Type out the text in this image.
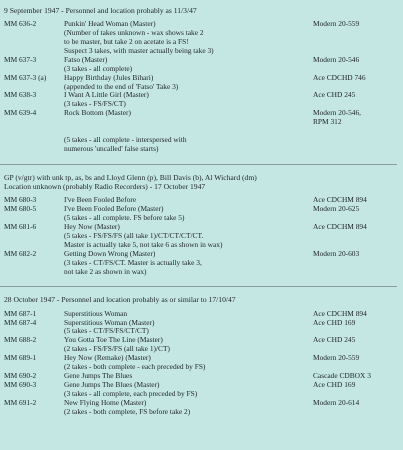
9 September 1947 - Personnel and location probably as 11/3/47
MM 636-2	Punkin' Head Woman (Master)	Modern 20-559
(Number of takes unknown - wax shows take 2
to be master, but take 2 on acetate is a FS!
Suspect 3 takes, with master actually being take 3)
MM 637-3	Fatso (Master)	Modern 20-546
(3 takes - all complete)
MM 637-3 (a)	Happy Birthday (Jules Bihari)	Ace CDCHD 746
(appended to the end of 'Fatso' Take 3)
MM 638-3	I Want A Little Girl (Master)	Ace CHD 245
(3 takes - FS/FS/CT)
MM 639-4	Rock Bottom (Master)	Modern 20-546,
RPM 312
(5 takes - all complete - interspersed with
numerous 'uncalled' false starts)
GP (v/gtr) with unk tp, as, bs and Lloyd Glenn (p), Bill Davis (b), Al Wichard (dm)
Location unknown (probably Radio Recorders) - 17 October 1947
MM 680-3	I've Been Fooled Before	Ace CDCHM 894
MM 680-5	I've Been Fooled Before (Master)	Modern 20-625
(5 takes - all complete. FS before take 5)
MM 681-6	Hey Now (Master)	Ace CDCHM 894
(5 takes - FS/FS/FS (all take 1)/CT/CT/CT/CT.
Master is actually take 5, not take 6 as shown in wax)
MM 682-2	Getting Down Wrong (Master)	Modern 20-603
(3 takes - CT/FS/CT. Master is actually take 3,
not take 2 as shown in wax)
28 October 1947 - Personnel and location probably as or similar to 17/10/47
MM 687-1	Superstitious Woman	Ace CDCHM 894
MM 687-4	Superstitious Woman (Master)	Ace CHD 169
(5 takes - CT/FS/FS/CT/CT)
MM 688-2	You Gotta Toe The Line (Master)	Ace CHD 245
(2 takes - FS/FS/FS (all take 1)/CT)
MM 689-1	Hey Now (Remake) (Master)	Modern 20-559
(2 takes - both complete - each preceded by FS)
MM 690-2	Gene Jumps The Blues	Cascade CDBOX 3
MM 690-3	Gene Jumps The Blues (Master)	Ace CHD 169
(3 takes - all complete, each preceded by FS)
MM 691-2	New Flying Home (Master)	Modern 20-614
(2 takes - both complete, FS before take 2)
